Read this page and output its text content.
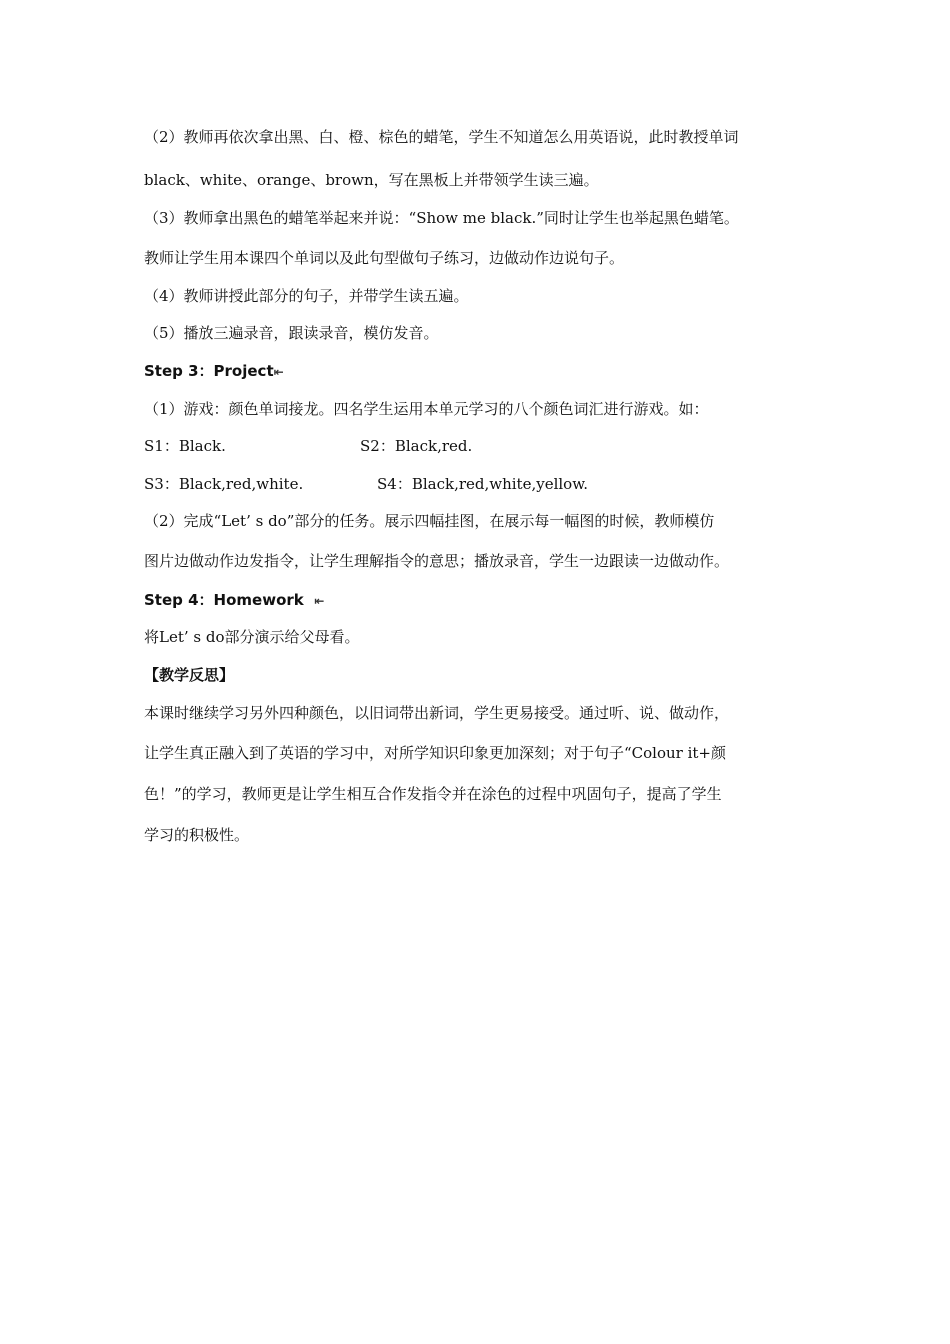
（2）教师再依次拿出黑、白、橙、棕色的蜡笔，学生不知道怎么用英语说，此时教授单词
black、white、orange、brown，写在黑板上并带领学生读三遍。
（3）教师拿出黑色的蜡笔举起来并说：“Show me black.”同时让学生也举起黑色蜡笔。
教师让学生用本课四个单词以及此句型做句子练习，边做动作边说句子。
（4）教师讲授此部分的句子，并带学生读五遍。
（5）播放三遍录音，跟读录音，模仿发音。
Step 3：Project⇤
（1）游戏：颜色单词接龙。四名学生运用本单元学习的八个颜色词汇进行游戏。如：
S1：Black.	S2：Black,red.
S3：Black,red,white.	S4：Black,red,white,yellow.
（2）完成“Let’ s do”部分的任务。展示四幅挂图，在展示每一幅图的时候，教师模仿
图片边做动作边发指令，让学生理解指令的意思；播放录音，学生一边跟读一边做动作。
Step 4：Homework ⇤
将Let’ s do部分演示给父母看。
【教学反思】
本课时继续学习另外四种颜色，以旧词带出新词，学生更易接受。通过听、说、做动作，
让学生真正融入到了英语的学习中，对所学知识印象更加深刻；对于句子“Colour it+颜
色！”的学习，教师更是让学生相互合作发指令并在涂色的过程中巩固句子，提高了学生
学习的积极性。
